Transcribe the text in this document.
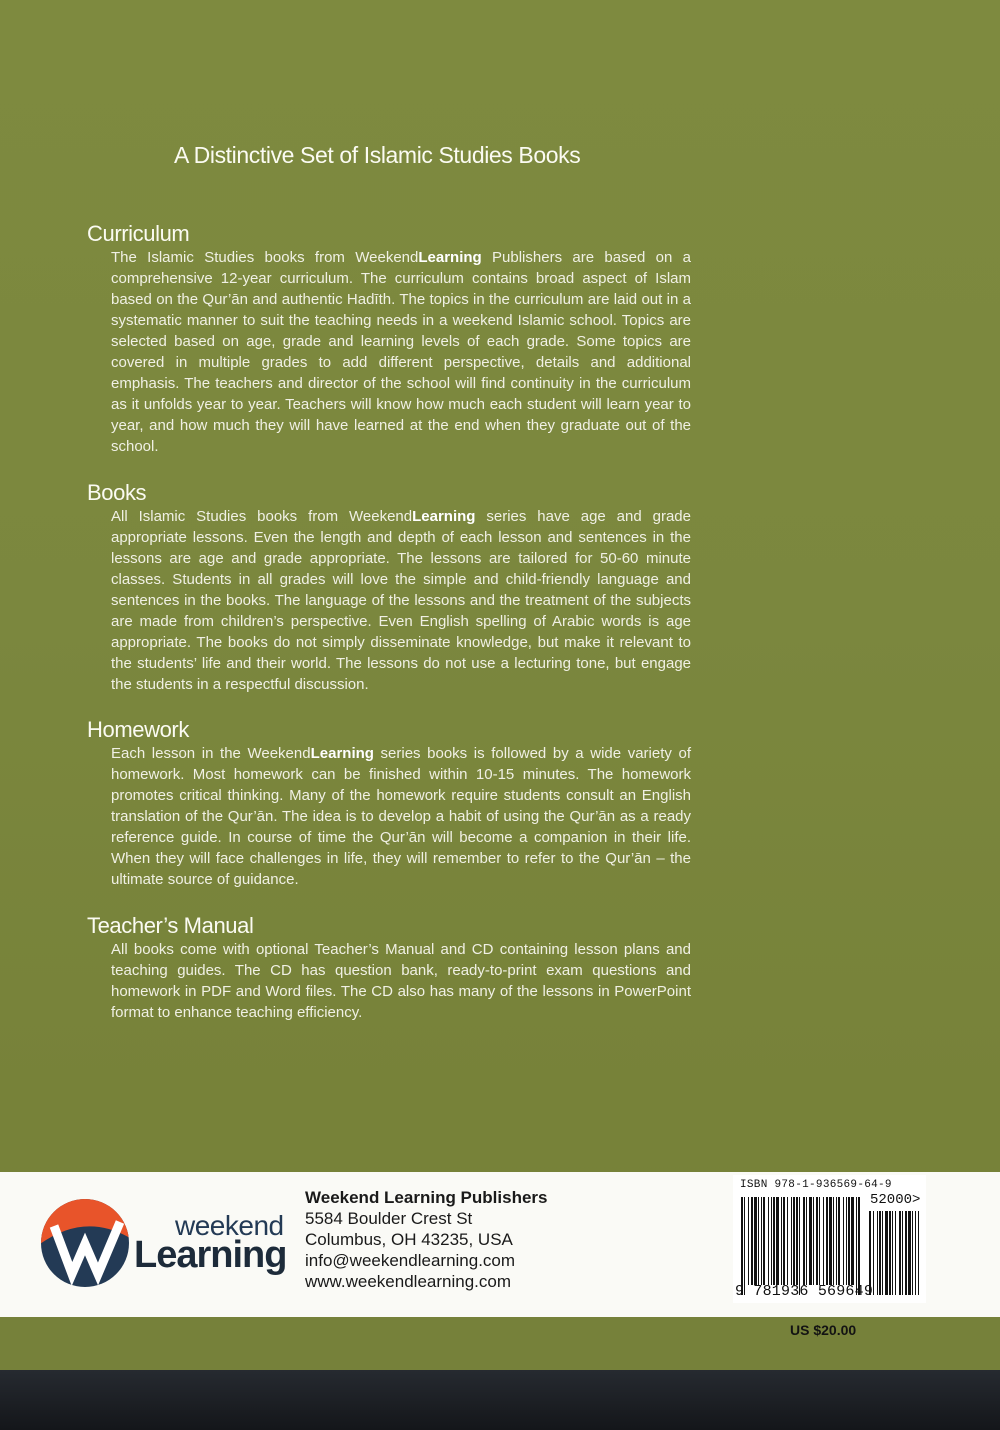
A Distinctive Set of Islamic Studies Books
Curriculum

The Islamic Studies books from WeekendLearning Publishers are based on a comprehensive 12-year curriculum. The curriculum contains broad aspect of Islam based on the Qur’ān and authentic Hadīth. The topics in the curriculum are laid out in a systematic manner to suit the teaching needs in a weekend Islamic school. Topics are selected based on age, grade and learning levels of each grade. Some topics are covered in multiple grades to add different perspective, details and additional emphasis. The teachers and director of the school will find continuity in the curriculum as it unfolds year to year. Teachers will know how much each student will learn year to year, and how much they will have learned at the end when they graduate out of the school.

Books

All Islamic Studies books from WeekendLearning series have age and grade appropriate lessons. Even the length and depth of each lesson and sentences in the lessons are age and grade appropriate. The lessons are tailored for 50-60 minute classes. Students in all grades will love the simple and child-friendly language and sentences in the books. The language of the lessons and the treatment of the subjects are made from children’s perspective. Even English spelling of Arabic words is age appropriate. The books do not simply disseminate knowledge, but make it relevant to the students’ life and their world. The lessons do not use a lecturing tone, but engage the students in a respectful discussion.

Homework

Each lesson in the WeekendLearning series books is followed by a wide variety of homework. Most homework can be finished within 10-15 minutes. The homework promotes critical thinking. Many of the homework require students consult an English translation of the Qur’ān. The idea is to develop a habit of using the Qur’ān as a ready reference guide. In course of time the Qur’ān will become a companion in their life. When they will face challenges in life, they will remember to refer to the Qur’ān – the ultimate source of guidance.

Teacher’s Manual

All books come with optional Teacher’s Manual and CD containing lesson plans and teaching guides. The CD has question bank, ready-to-print exam questions and homework in PDF and Word files. The CD also has many of the lessons in PowerPoint format to enhance teaching efficiency.

weekend
Learning
Weekend Learning Publishers
5584 Boulder Crest St
Columbus, OH 43235, USA
info@weekendlearning.com
www.weekendlearning.com
ISBN 978-1-936569-64-9
52000>
9 781936 569649
US $20.00
